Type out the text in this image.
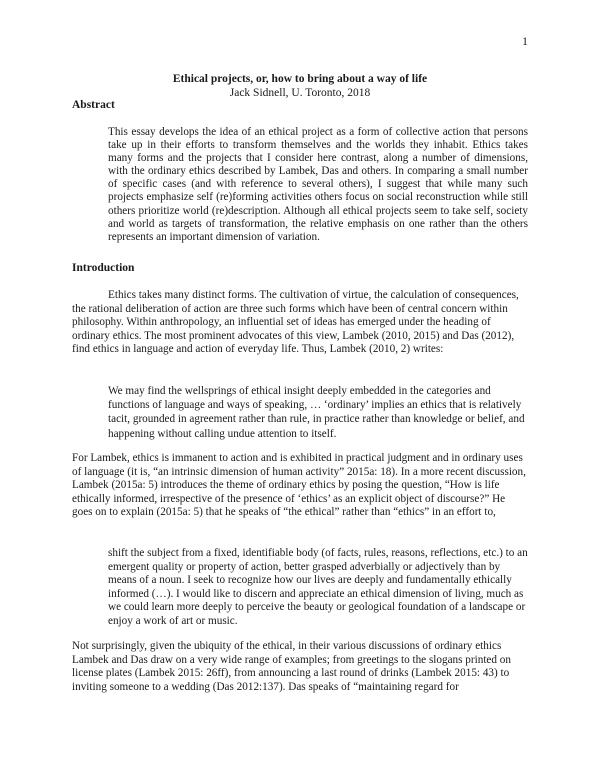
1
Ethical projects, or, how to bring about a way of life
Jack Sidnell, U. Toronto, 2018
Abstract

This essay develops the idea of an ethical project as a form of collective action that persons take up in their efforts to transform themselves and the worlds they inhabit. Ethics takes many forms and the projects that I consider here contrast, along a number of dimensions, with the ordinary ethics described by Lambek, Das and others. In comparing a small number of specific cases (and with reference to several others), I suggest that while many such projects emphasize self (re)forming activities others focus on social reconstruction while still others prioritize world (re)description. Although all ethical projects seem to take self, society and world as targets of transformation, the relative emphasis on one rather than the others represents an important dimension of variation.

Introduction

Ethics takes many distinct forms. The cultivation of virtue, the calculation of consequences, the rational deliberation of action are three such forms which have been of central concern within philosophy. Within anthropology, an influential set of ideas has emerged under the heading of ordinary ethics. The most prominent advocates of this view, Lambek (2010, 2015) and Das (2012), find ethics in language and action of everyday life. Thus, Lambek (2010, 2) writes:

We may find the wellsprings of ethical insight deeply embedded in the categories and functions of language and ways of speaking, … ‘ordinary’ implies an ethics that is relatively tacit, grounded in agreement rather than rule, in practice rather than knowledge or belief, and happening without calling undue attention to itself.

For Lambek, ethics is immanent to action and is exhibited in practical judgment and in ordinary uses of language (it is, “an intrinsic dimension of human activity” 2015a: 18). In a more recent discussion, Lambek (2015a: 5) introduces the theme of ordinary ethics by posing the question, “How is life ethically informed, irrespective of the presence of ‘ethics’ as an explicit object of discourse?” He goes on to explain (2015a: 5) that he speaks of “the ethical” rather than “ethics” in an effort to,

shift the subject from a fixed, identifiable body (of facts, rules, reasons, reflections, etc.) to an emergent quality or property of action, better grasped adverbially or adjectively than by means of a noun. I seek to recognize how our lives are deeply and fundamentally ethically informed (…). I would like to discern and appreciate an ethical dimension of living, much as we could learn more deeply to perceive the beauty or geological foundation of a landscape or enjoy a work of art or music.

Not surprisingly, given the ubiquity of the ethical, in their various discussions of ordinary ethics Lambek and Das draw on a very wide range of examples; from greetings to the slogans printed on license plates (Lambek 2015: 26ff), from announcing a last round of drinks (Lambek 2015: 43) to inviting someone to a wedding (Das 2012:137). Das speaks of “maintaining regard for
